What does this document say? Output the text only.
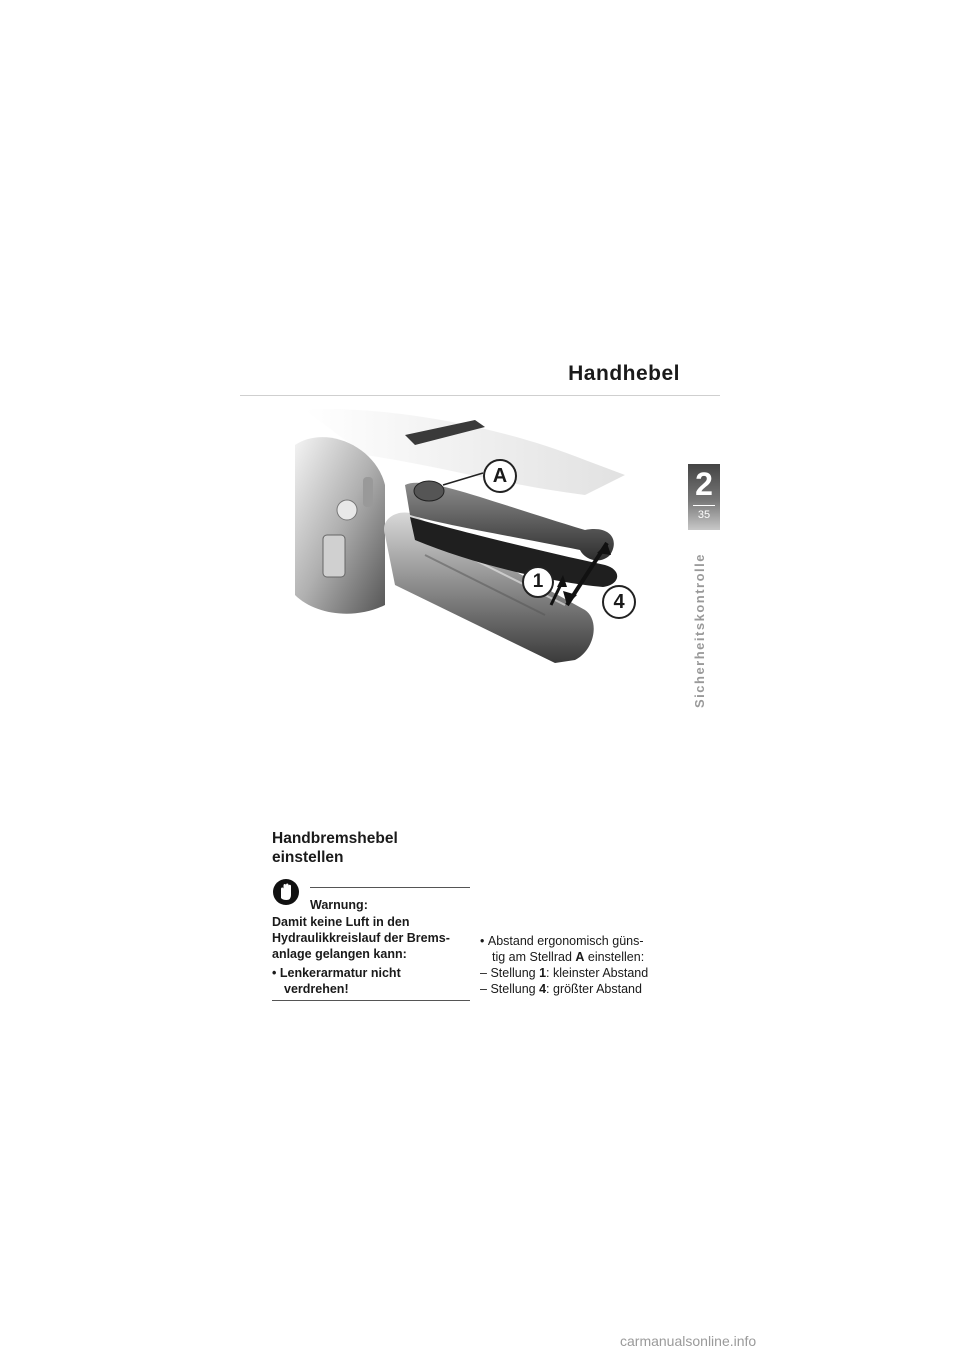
Handhebel
2
35
Sicherheitskontrolle
A
1
4
Handbremshebel
einstellen
Warnung:
Damit keine Luft in den
Hydraulikkreislauf der Brems-
anlage gelangen kann:
• Lenkerarmatur nicht
verdrehen!
• Abstand ergonomisch güns-
tig am Stellrad A einstellen:
– Stellung 1: kleinster Abstand
– Stellung 4: größter Abstand
carmanualsonline.info
